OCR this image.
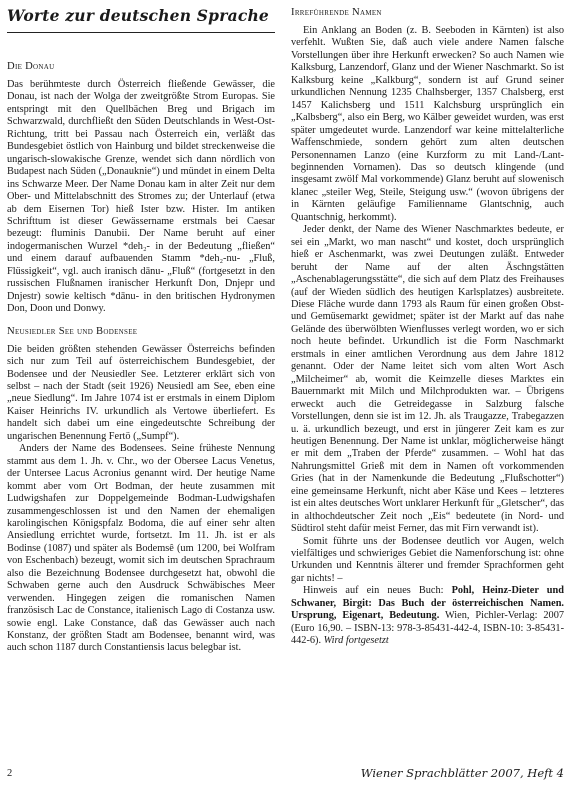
Worte zur deutschen Sprache
Die Donau

Das berühmteste durch Österreich fließende Gewässer, die Donau, ist nach der Wolga der zweitgrößte Strom Europas. Sie entspringt mit den Quellbächen Breg und Brigach im Schwarzwald, durchfließt den Süden Deutschlands in West-Ost-Richtung, tritt bei Passau nach Österreich ein, verläßt das Bundesgebiet östlich von Hainburg und bildet streckenweise die ungarisch-slowakische Grenze, wendet sich dann nördlich von Budapest nach Süden („Donauknie“) und mündet in einem Delta ins Schwarze Meer. Der Name Donau kam in alter Zeit nur dem Ober- und Mittelabschnitt des Stromes zu; der Unterlauf (etwa ab dem Eisernen Tor) hieß Ister bzw. Hister. Im antiken Schrifttum ist dieser Gewässername erstmals bei Caesar bezeugt: fluminis Danubii. Der Name beruht auf einer indogermanischen Wurzel *deh₂- in der Bedeutung „fließen“ und einem darauf aufbauenden Stamm *deh₂-nu- „Fluß, Flüssigkeit“, vgl. auch iranisch dānu- „Fluß“ (fortgesetzt in den russischen Flußnamen iranischer Herkunft Don, Dnjepr und Dnjestr) sowie keltisch *dānu- in den britischen Hydronymen Don, Doon und Donwy.

Neusiedler See und Bodensee

Die beiden größten stehenden Gewässer Österreichs befinden sich nur zum Teil auf österreichischem Bundesgebiet, der Bodensee und der Neusiedler See. Letzterer erklärt sich von selbst – nach der Stadt (seit 1926) Neusiedl am See, eben eine „neue Siedlung“. Im Jahre 1074 ist er erstmals in einem Diplom Kaiser Heinrichs IV. urkundlich als Vertowe überliefert. Es handelt sich dabei um eine eingedeutschte Schreibung der ungarischen Benennung Fertö („Sumpf“).

Anders der Name des Bodensees. Seine früheste Nennung stammt aus dem 1. Jh. v. Chr., wo der Obersee Lacus Venetus, der Untersee Lacus Acronius genannt wird. Der heutige Name kommt aber vom Ort Bodman, der heute zusammen mit Ludwigshafen zur Doppelgemeinde Bodman-Ludwigshafen zusammengeschlossen ist und den Namen der ehemaligen karolingischen Königspfalz Bodoma, die auf einer sehr alten Ansiedlung errichtet wurde, fortsetzt. Im 11. Jh. ist er als Bodinse (1087) und später als Bodemsê (um 1200, bei Wolfram von Eschenbach) bezeugt, womit sich im deutschen Sprachraum also die Bezeichnung Bodensee durchgesetzt hat, obwohl die Schwaben gerne auch den Ausdruck Schwäbisches Meer verwenden. Hingegen zeigen die romanischen Namen französisch Lac de Constance, italienisch Lago di Costanza usw. sowie engl. Lake Constance, daß das Gewässer auch nach Konstanz, der größten Stadt am Bodensee, benannt wird, was auch schon 1187 durch Constantiensis lacus belegbar ist.

Irreführende Namen

Ein Anklang an Boden (z. B. Seeboden in Kärnten) ist also verfehlt. Wußten Sie, daß auch viele andere Namen falsche Vorstellungen über ihre Herkunft erwecken? So auch Namen wie Kalksburg, Lanzendorf, Glanz und der Wiener Naschmarkt. So ist Kalksburg keine „Kalkburg“, sondern ist auf Grund seiner urkundlichen Nennung 1235 Chalhsberger, 1357 Chalsberg, erst 1457 Kalichsberg und 1511 Kalchsburg ursprünglich ein „Kalbsberg“, also ein Berg, wo Kälber geweidet wurden, was erst später umgedeutet wurde. Lanzendorf war keine mittelalterliche Waffenschmiede, sondern gehört zum alten deutschen Personennamen Lanzo (eine Kurzform zu mit Land-/Lant- beginnenden Vornamen). Das so deutsch klingende (und insgesamt zwölf Mal vorkommende) Glanz beruht auf slowenisch klanec „steiler Weg, Steile, Steigung usw.“ (wovon übrigens der in Kärnten geläufige Familienname Glantschnig, auch Quantschnig, herkommt).

Jeder denkt, der Name des Wiener Naschmarktes bedeute, er sei ein „Markt, wo man nascht“ und kostet, doch ursprünglich hieß er Aschenmarkt, was zwei Deutungen zuläßt. Entweder beruht der Name auf der alten Äschngstätten „Aschenablagerungsstätte“, die sich auf dem Platz des Freihauses (auf der Wieden südlich des heutigen Karlsplatzes) ausbreitete. Diese Fläche wurde dann 1793 als Raum für einen großen Obst- und Gemüsemarkt gewidmet; später ist der Markt auf das nahe Gelände des überwölbten Wienflusses verlegt worden, wo er sich noch heute befindet. Urkundlich ist die Form Naschmarkt erstmals in einer amtlichen Verordnung aus dem Jahre 1812 genannt. Oder der Name leitet sich vom alten Wort Asch „Milcheimer“ ab, womit die Keimzelle dieses Marktes ein Bauernmarkt mit Milch und Milchprodukten war. – Übrigens erweckt auch die Getreidegasse in Salzburg falsche Vorstellungen, denn sie ist im 12. Jh. als Traugazze, Trabegazzen u. ä. urkundlich bezeugt, und erst in jüngerer Zeit kam es zur heutigen Benennung. Der Name ist unklar, möglicherweise hängt er mit dem „Traben der Pferde“ zusammen. – Wohl hat das Nahrungsmittel Grieß mit dem in Namen oft vorkommenden Gries (hat in der Namenkunde die Bedeutung „Flußschotter“) eine gemeinsame Herkunft, nicht aber Käse und Kees – letzteres ist ein altes deutsches Wort unklarer Herkunft für „Gletscher“, das in althochdeutscher Zeit noch „Eis“ bedeutete (in Nord- und Südtirol steht dafür meist Ferner, das mit Firn verwandt ist).

Somit führte uns der Bodensee deutlich vor Augen, welch vielfältiges und schwieriges Gebiet die Namenforschung ist: ohne Urkunden und Kenntnis älterer und fremder Sprachformen geht gar nichts! –

Hinweis auf ein neues Buch: Pohl, Heinz-Dieter und Schwaner, Birgit: Das Buch der österreichischen Namen. Ursprung, Eigenart, Bedeutung. Wien, Pichler-Verlag: 2007 (Euro 16,90. – ISBN-13: 978-3-85431-442-4, ISBN-10: 3-85431-442-6). Wird fortgesetzt

2	Wiener Sprachblätter 2007, Heft 4
